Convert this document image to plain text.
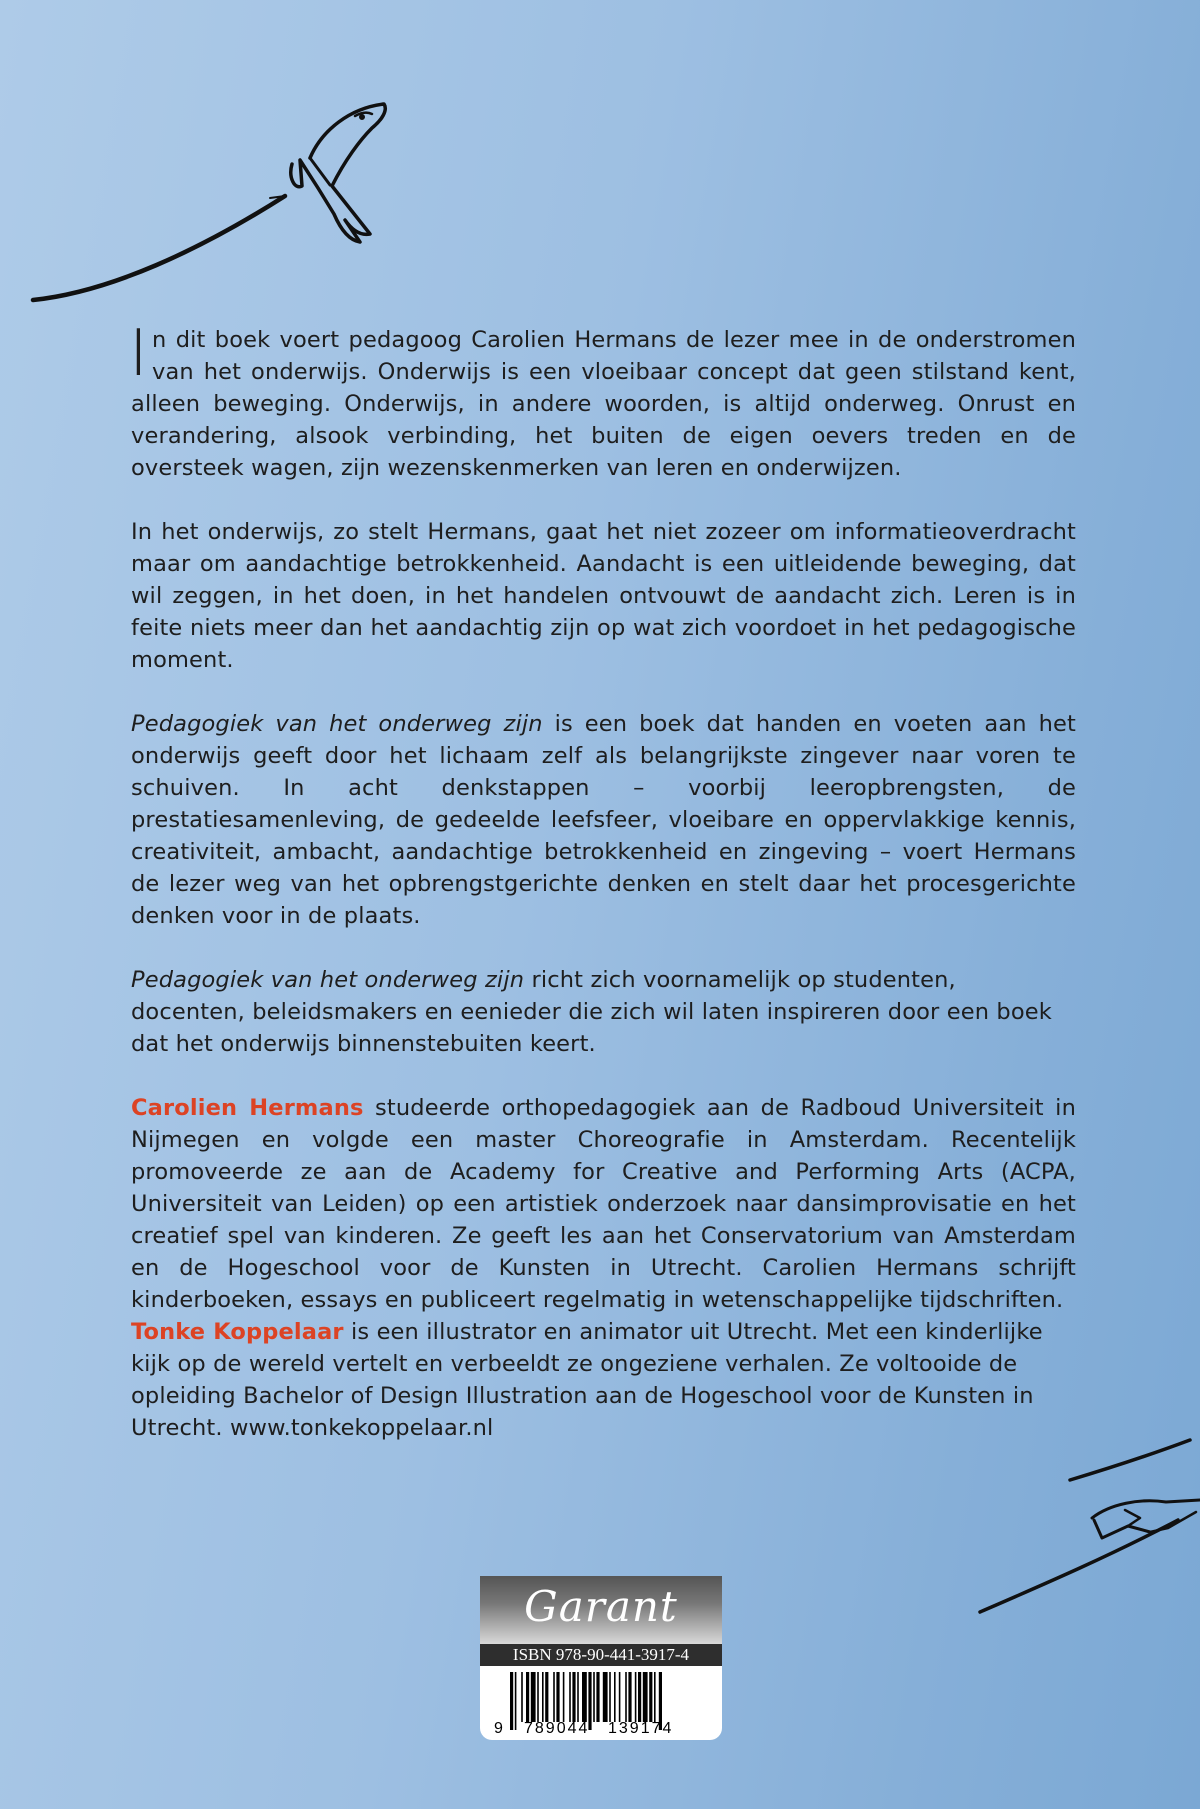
In dit boek voert pedagoog Carolien Hermans de lezer mee in de onderstromen van het onderwijs. Onderwijs is een vloeibaar concept dat geen stilstand kent, alleen beweging. Onderwijs, in andere woorden, is altijd onderweg. Onrust en verandering, alsook verbinding, het buiten de eigen oevers treden en de oversteek wagen, zijn wezenskenmerken van leren en onderwijzen.

In het onderwijs, zo stelt Hermans, gaat het niet zozeer om informatieoverdracht maar om aandachtige betrokkenheid. Aandacht is een uitleidende beweging, dat wil zeggen, in het doen, in het handelen ontvouwt de aandacht zich. Leren is in feite niets meer dan het aandachtig zijn op wat zich voordoet in het pedagogische moment.

Pedagogiek van het onderweg zijn is een boek dat handen en voeten aan het onderwijs geeft door het lichaam zelf als belangrijkste zingever naar voren te schuiven. In acht denkstappen – voorbij leeropbrengsten, de prestatiesamenleving, de gedeelde leefsfeer, vloeibare en oppervlakkige kennis, creativiteit, ambacht, aandachtige betrokkenheid en zingeving – voert Hermans de lezer weg van het opbrengstgerichte denken en stelt daar het procesgerichte denken voor in de plaats.

Pedagogiek van het onderweg zijn richt zich voornamelijk op studenten, docenten, beleidsmakers en eenieder die zich wil laten inspireren door een boek dat het onderwijs binnenstebuiten keert.

Carolien Hermans studeerde orthopedagogiek aan de Radboud Universiteit in Nijmegen en volgde een master Choreografie in Amsterdam. Recentelijk promoveerde ze aan de Academy for Creative and Performing Arts (ACPA, Universiteit van Leiden) op een artistiek onderzoek naar dansimprovisatie en het creatief spel van kinderen. Ze geeft les aan het Conservatorium van Amsterdam en de Hogeschool voor de Kunsten in Utrecht. Carolien Hermans schrijft kinderboeken, essays en publiceert regelmatig in wetenschappelijke tijdschriften.

Tonke Koppelaar is een illustrator en animator uit Utrecht. Met een kinderlijke kijk op de wereld vertelt en verbeeldt ze ongeziene verhalen. Ze voltooide de opleiding Bachelor of Design Illustration aan de Hogeschool voor de Kunsten in Utrecht. www.tonkekoppelaar.nl

Garant
ISBN 978-90-441-3917-4
9 789044 139174
